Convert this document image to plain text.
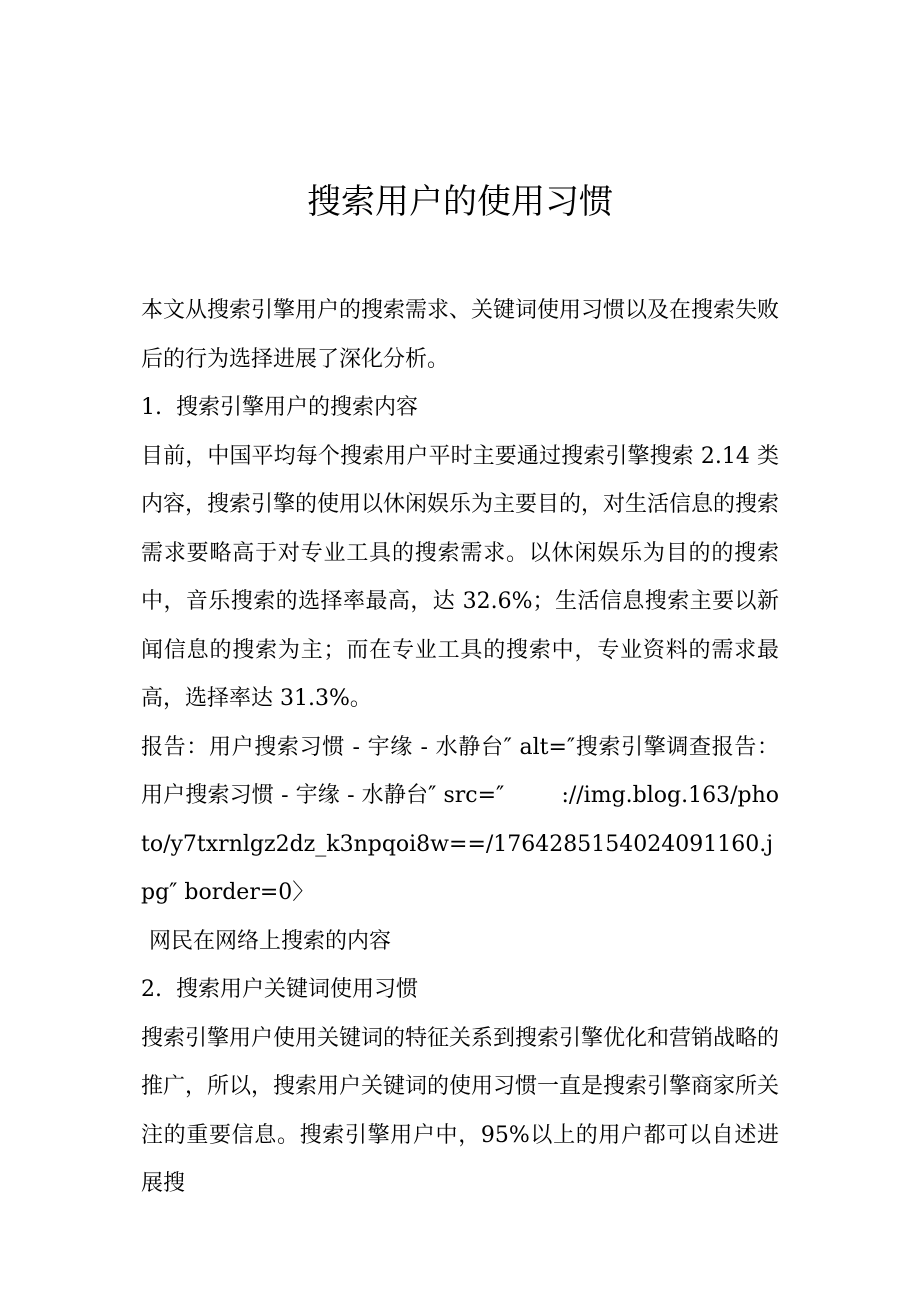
搜索用户的使用习惯

本文从搜索引擎用户的搜索需求、关键词使用习惯以及在搜索失败后的行为选择进展了深化分析。

1.  搜索引擎用户的搜索内容

目前，中国平均每个搜索用户平时主要通过搜索引擎搜索 2.14 类内容，搜索引擎的使用以休闲娱乐为主要目的，对生活信息的搜索需求要略高于对专业工具的搜索需求。以休闲娱乐为目的的搜索中，音乐搜索的选择率最高，达 32.6%；生活信息搜索主要以新闻信息的搜索为主；而在专业工具的搜索中，专业资料的需求最高，选择率达 31.3%。

报告：用户搜索习惯 - 宇缘 - 水静台″ alt=″搜索引擎调查报告：用户搜索习惯 - 宇缘 - 水静台″ src=″        ://img.blog.163/photo/y7txrnlgz2dz_k3npqoi8w==/1764285154024091160.jpg″ border=0〉

网民在网络上搜索的内容

2.  搜索用户关键词使用习惯

搜索引擎用户使用关键词的特征关系到搜索引擎优化和营销战略的推广，所以，搜索用户关键词的使用习惯一直是搜索引擎商家所关注的重要信息。搜索引擎用户中，95%以上的用户都可以自述进展搜
